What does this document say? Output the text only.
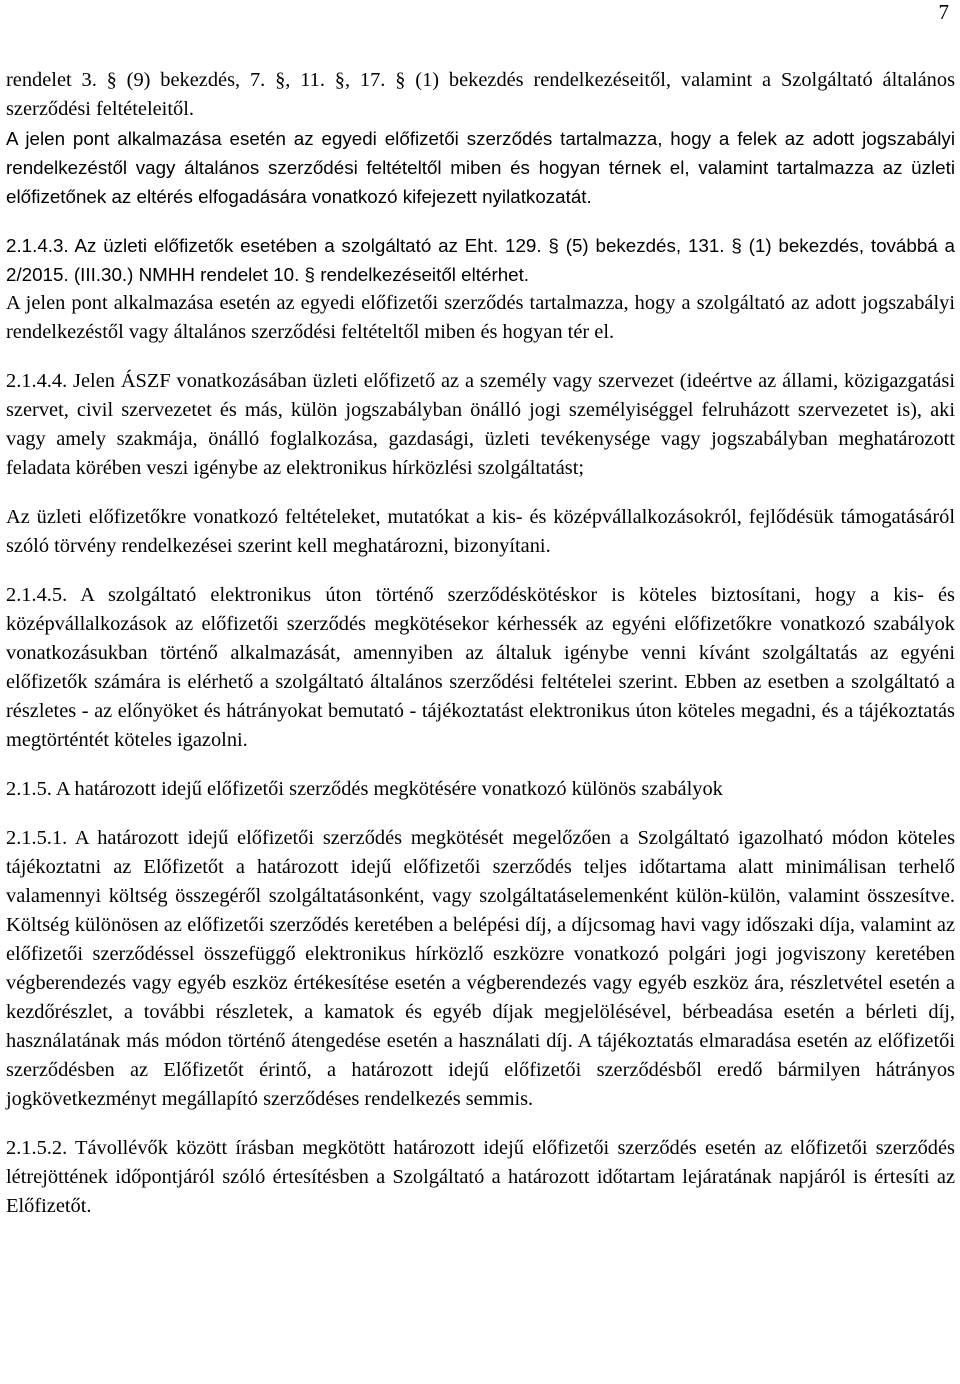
7

rendelet 3. § (9) bekezdés, 7. §, 11. §, 17. § (1) bekezdés rendelkezéseitől, valamint a Szolgáltató általános szerződési feltételeitől.

A jelen pont alkalmazása esetén az egyedi előfizetői szerződés tartalmazza, hogy a felek az adott jogszabályi rendelkezéstől vagy általános szerződési feltételtől miben és hogyan térnek el, valamint tartalmazza az üzleti előfizetőnek az eltérés elfogadására vonatkozó kifejezett nyilatkozatát.

2.1.4.3. Az üzleti előfizetők esetében a szolgáltató az Eht. 129. § (5) bekezdés, 131. § (1) bekezdés, továbbá a 2/2015. (III.30.) NMHH rendelet 10. § rendelkezéseitől eltérhet.

A jelen pont alkalmazása esetén az egyedi előfizetői szerződés tartalmazza, hogy a szolgáltató az adott jogszabályi rendelkezéstől vagy általános szerződési feltételtől miben és hogyan tér el.

2.1.4.4. Jelen ÁSZF vonatkozásában üzleti előfizető az a személy vagy szervezet (ideértve az állami, közigazgatási szervet, civil szervezetet és más, külön jogszabályban önálló jogi személyiséggel felruházott szervezetet is), aki vagy amely szakmája, önálló foglalkozása, gazdasági, üzleti tevékenysége vagy jogszabályban meghatározott feladata körében veszi igénybe az elektronikus hírközlési szolgáltatást;

Az üzleti előfizetőkre vonatkozó feltételeket, mutatókat a kis- és középvállalkozásokról, fejlődésük támogatásáról szóló törvény rendelkezései szerint kell meghatározni, bizonyítani.

2.1.4.5. A szolgáltató elektronikus úton történő szerződéskötéskor is köteles biztosítani, hogy a kis- és középvállalkozások az előfizetői szerződés megkötésekor kérhessék az egyéni előfizetőkre vonatkozó szabályok vonatkozásukban történő alkalmazását, amennyiben az általuk igénybe venni kívánt szolgáltatás az egyéni előfizetők számára is elérhető a szolgáltató általános szerződési feltételei szerint. Ebben az esetben a szolgáltató a részletes - az előnyöket és hátrányokat bemutató - tájékoztatást elektronikus úton köteles megadni, és a tájékoztatás megtörténtét köteles igazolni.

2.1.5. A határozott idejű előfizetői szerződés megkötésére vonatkozó különös szabályok

2.1.5.1. A határozott idejű előfizetői szerződés megkötését megelőzően a Szolgáltató igazolható módon köteles tájékoztatni az Előfizetőt a határozott idejű előfizetői szerződés teljes időtartama alatt minimálisan terhelő valamennyi költség összegéről szolgáltatásonként, vagy szolgáltatáselemenként külön-külön, valamint összesítve. Költség különösen az előfizetői szerződés keretében a belépési díj, a díjcsomag havi vagy időszaki díja, valamint az előfizetői szerződéssel összefüggő elektronikus hírközlő eszközre vonatkozó polgári jogi jogviszony keretében végberendezés vagy egyéb eszköz értékesítése esetén a végberendezés vagy egyéb eszköz ára, részletvétel esetén a kezdőrészlet, a további részletek, a kamatok és egyéb díjak megjelölésével, bérbeadása esetén a bérleti díj, használatának más módon történő átengedése esetén a használati díj. A tájékoztatás elmaradása esetén az előfizetői szerződésben az Előfizetőt érintő, a határozott idejű előfizetői szerződésből eredő bármilyen hátrányos jogkövetkezményt megállapító szerződéses rendelkezés semmis.

2.1.5.2. Távollévők között írásban megkötött határozott idejű előfizetői szerződés esetén az előfizetői szerződés létrejöttének időpontjáról szóló értesítésben a Szolgáltató a határozott időtartam lejáratának napjáról is értesíti az Előfizetőt.
